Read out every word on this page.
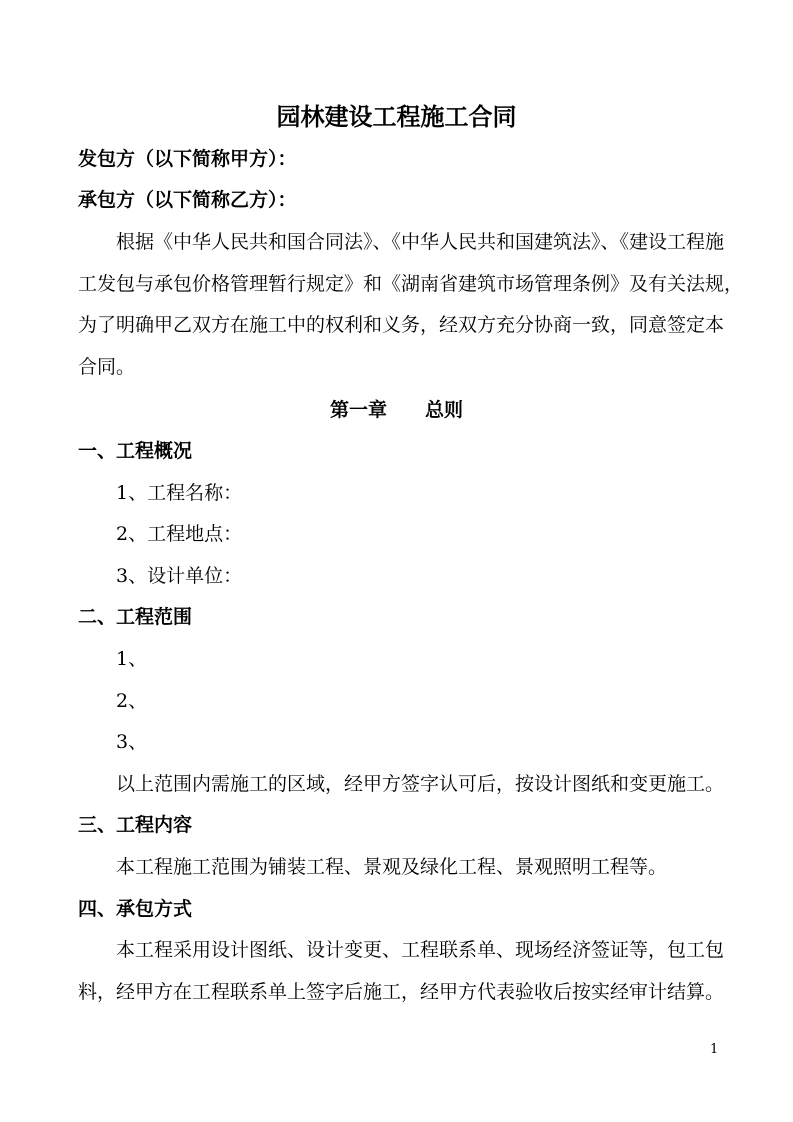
园林建设工程施工合同
发包方（以下简称甲方）：
承包方（以下简称乙方）：
根据《中华人民共和国合同法》、《中华人民共和国建筑法》、《建设工程施
工发包与承包价格管理暂行规定》和《湖南省建筑市场管理条例》及有关法规，
为了明确甲乙双方在施工中的权利和义务，经双方充分协商一致，同意签定本
合同。
第一章 总则
一、工程概况
1、工程名称：
2、工程地点：
3、设计单位：
二、工程范围
1、
2、
3、
以上范围内需施工的区域，经甲方签字认可后，按设计图纸和变更施工。
三、工程内容
本工程施工范围为铺装工程、景观及绿化工程、景观照明工程等。
四、承包方式
本工程采用设计图纸、设计变更、工程联系单、现场经济签证等，包工包
料，经甲方在工程联系单上签字后施工，经甲方代表验收后按实经审计结算。
1
